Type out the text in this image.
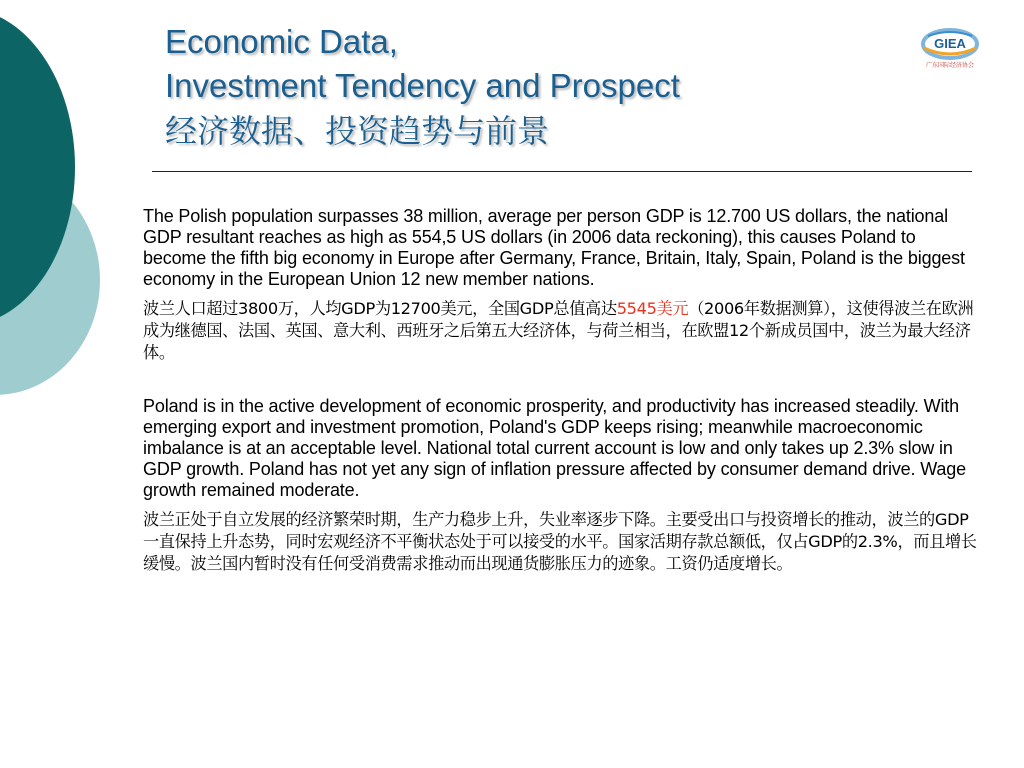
Economic Data,
Investment Tendency and Prospect
经济数据、投资趋势与前景
GIEA
广东国际经济协会

The Polish population surpasses 38 million, average per person GDP is 12.700 US dollars, the national GDP resultant reaches as high as 554,5 US dollars (in 2006 data reckoning), this causes Poland to become the fifth big economy in Europe after Germany, France, Britain, Italy, Spain, Poland is the biggest economy in the European Union 12 new member nations.

波兰人口超过3800万，人均GDP为12700美元，全国GDP总值高达5545美元（2006年数据测算），这使得波兰在欧洲成为继德国、法国、英国、意大利、西班牙之后第五大经济体，与荷兰相当，在欧盟12个新成员国中，波兰为最大经济体。

Poland is in the active development of economic prosperity, and productivity has increased steadily. With emerging export and investment promotion, Poland's GDP keeps rising; meanwhile macroeconomic imbalance is at an acceptable level. National total current account is low and only takes up 2.3% slow in GDP growth. Poland has not yet any sign of inflation pressure affected by consumer demand drive. Wage growth remained moderate.

波兰正处于自立发展的经济繁荣时期，生产力稳步上升，失业率逐步下降。主要受出口与投资增长的推动，波兰的GDP一直保持上升态势，同时宏观经济不平衡状态处于可以接受的水平。国家活期存款总额低，仅占GDP的2.3%，而且增长缓慢。波兰国内暂时没有任何受消费需求推动而出现通货膨胀压力的迹象。工资仍适度增长。
